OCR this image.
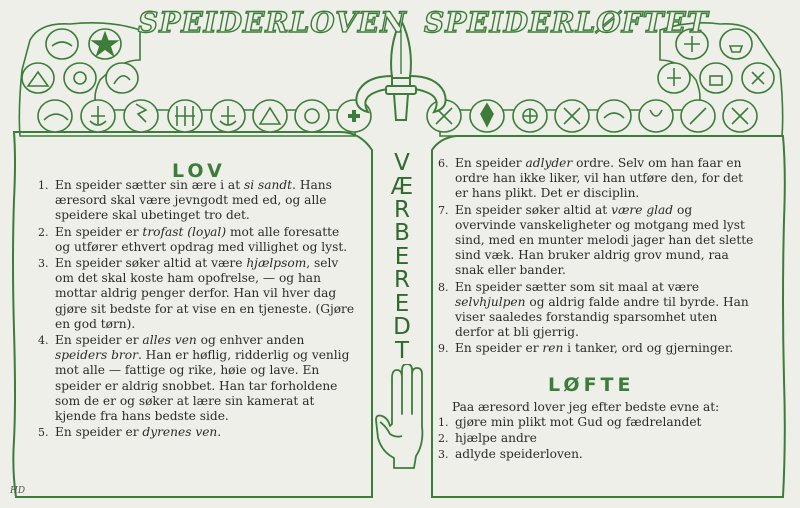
SPEIDERLOVEN SPEIDERLØFTET
V
Æ
R
B
E
R
E
D
T
LOV
1. En speider sætter sin ære i at si sandt. Hans æresord skal være jevngodt med ed, og alle speidere skal ubetinget tro det.
2. En speider er trofast (loyal) mot alle foresatte og utfører ethvert opdrag med villighet og lyst.
3. En speider søker altid at være hjælpsom, selv om det skal koste ham opofrelse, — og han mottar aldrig penger derfor. Han vil hver dag gjøre sit bedste for at vise en en tjeneste. (Gjøre en god tørn).
4. En speider er alles ven og enhver anden speiders bror. Han er høflig, ridderlig og venlig mot alle — fattige og rike, høie og lave. En speider er aldrig snobbet. Han tar forholdene som de er og søker at lære sin kamerat at kjende fra hans bedste side.
5. En speider er dyrenes ven.
6. En speider adlyder ordre. Selv om han faar en ordre han ikke liker, vil han utføre den, for det er hans plikt. Det er disciplin.
7. En speider søker altid at være glad og overvinde vanskeligheter og motgang med lyst sind, med en munter melodi jager han det slette sind væk. Han bruker aldrig grov mund, raa snak eller bander.
8. En speider sætter som sit maal at være selvhjulpen og aldrig falde andre til byrde. Han viser saaledes forstandig sparsomhet uten derfor at bli gjerrig.
9. En speider er ren i tanker, ord og gjerninger.
LØFTE
Paa æresord lover jeg efter bedste evne at:
1. gjøre min plikt mot Gud og fædrelandet
2. hjælpe andre
3. adlyde speiderloven.
HD
